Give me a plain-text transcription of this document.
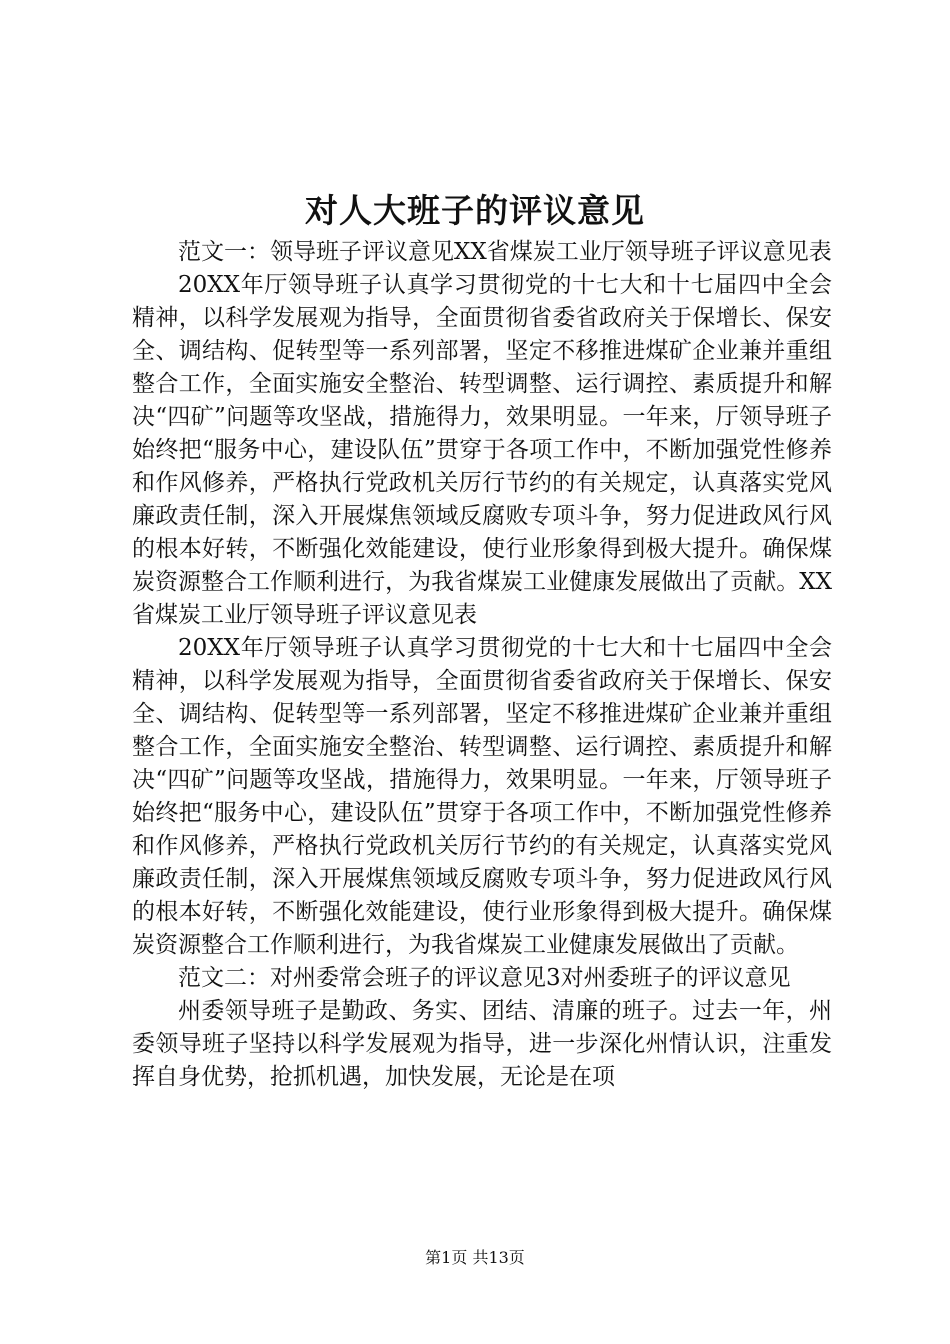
对人大班子的评议意见

范文一：领导班子评议意见XX省煤炭工业厅领导班子评议意见表

20XX年厅领导班子认真学习贯彻党的十七大和十七届四中全会精神，以科学发展观为指导，全面贯彻省委省政府关于保增长、保安全、调结构、促转型等一系列部署，坚定不移推进煤矿企业兼并重组整合工作，全面实施安全整治、转型调整、运行调控、素质提升和解决“四矿”问题等攻坚战，措施得力，效果明显。一年来，厅领导班子始终把“服务中心，建设队伍”贯穿于各项工作中，不断加强党性修养和作风修养，严格执行党政机关厉行节约的有关规定，认真落实党风廉政责任制，深入开展煤焦领域反腐败专项斗争，努力促进政风行风的根本好转，不断强化效能建设，使行业形象得到极大提升。确保煤炭资源整合工作顺利进行，为我省煤炭工业健康发展做出了贡献。XX省煤炭工业厅领导班子评议意见表

20XX年厅领导班子认真学习贯彻党的十七大和十七届四中全会精神，以科学发展观为指导，全面贯彻省委省政府关于保增长、保安全、调结构、促转型等一系列部署，坚定不移推进煤矿企业兼并重组整合工作，全面实施安全整治、转型调整、运行调控、素质提升和解决“四矿”问题等攻坚战，措施得力，效果明显。一年来，厅领导班子始终把“服务中心，建设队伍”贯穿于各项工作中，不断加强党性修养和作风修养，严格执行党政机关厉行节约的有关规定，认真落实党风廉政责任制，深入开展煤焦领域反腐败专项斗争，努力促进政风行风的根本好转，不断强化效能建设，使行业形象得到极大提升。确保煤炭资源整合工作顺利进行，为我省煤炭工业健康发展做出了贡献。

范文二：对州委常会班子的评议意见3对州委班子的评议意见

州委领导班子是勤政、务实、团结、清廉的班子。过去一年，州委领导班子坚持以科学发展观为指导，进一步深化州情认识，注重发挥自身优势，抢抓机遇，加快发展，无论是在项

第1页 共13页
